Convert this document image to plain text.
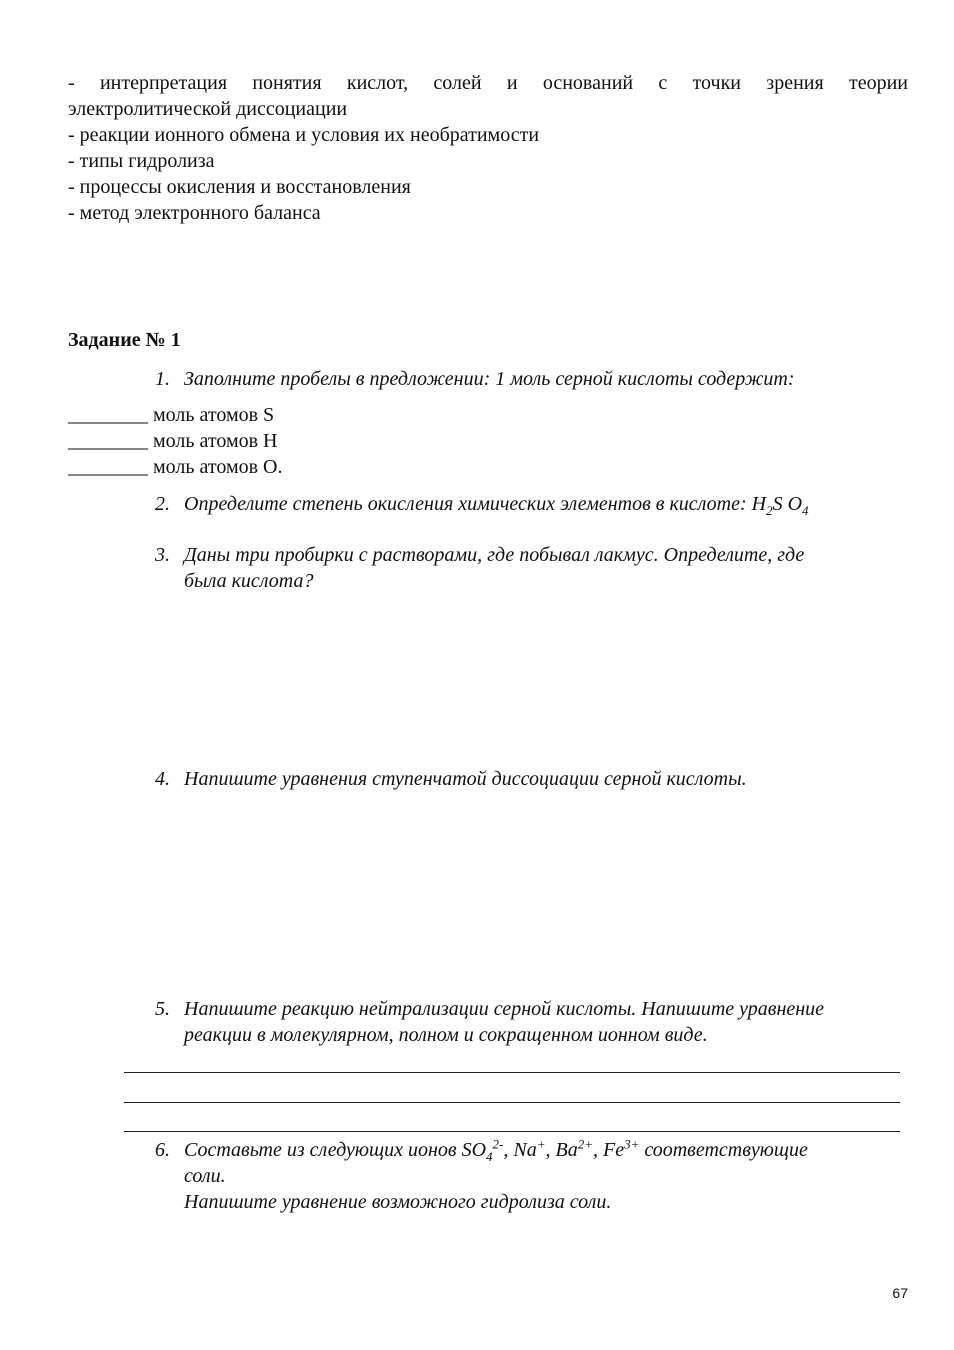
- интерпретация понятия кислот, солей и оснований с точки зрения теории
электролитической диссоциации
- реакции ионного обмена и условия их необратимости
- типы гидролиза
- процессы окисления и восстановления
- метод электронного баланса
Задание № 1
1. Заполните пробелы в предложении: 1 моль серной кислоты содержит:
________ моль атомов S
________ моль атомов H
________ моль атомов O.
2. Определите степень окисления химических элементов в кислоте: $H_2S$ $O_4$
3. Даны три пробирки с растворами, где побывал лакмус. Определите, где
была кислота?
4. Напишите уравнения ступенчатой диссоциации серной кислоты.
5. Напишите реакцию нейтрализации серной кислоты. Напишите уравнение
реакции в молекулярном, полном и сокращенном ионном виде.
6. Составьте из следующих ионов $SO_4^{2-}$, Na+, $Ba^{2+}$, $Fe^{3+}$ соответствующие
соли.
Напишите уравнение возможного гидролиза соли.
67
